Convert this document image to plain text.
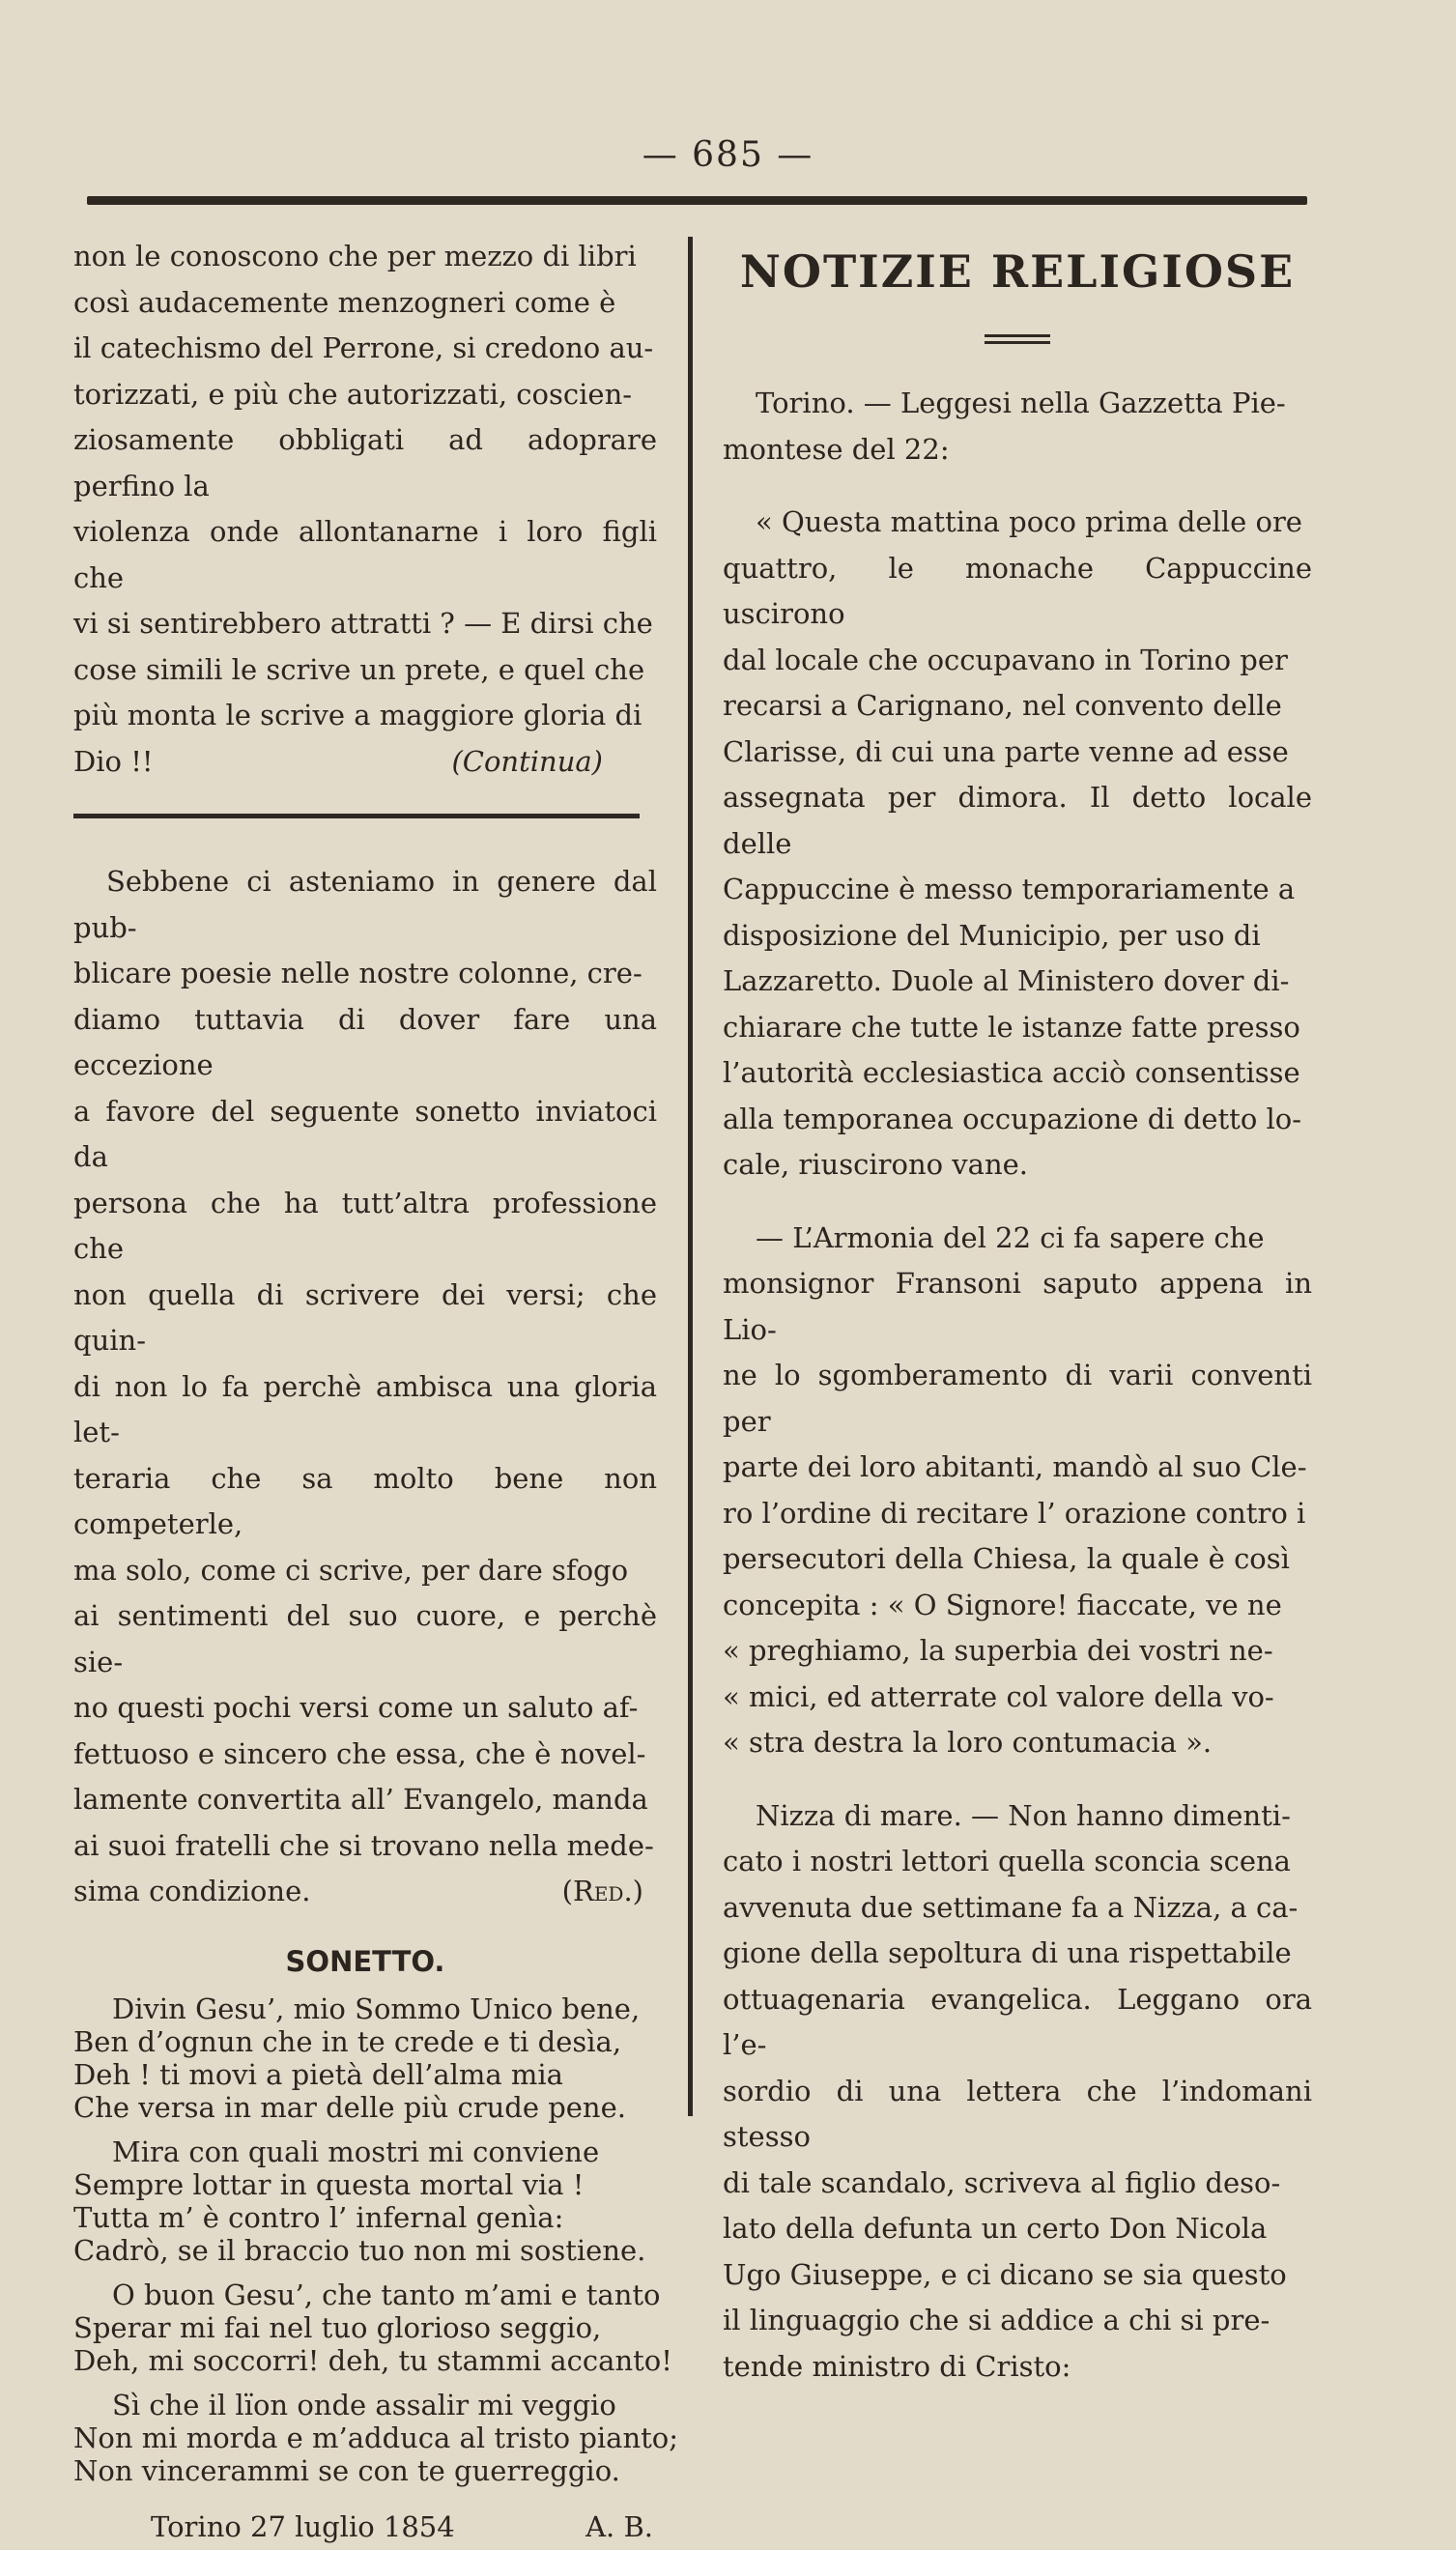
— 685 —

non le conoscono che per mezzo di libri

così audacemente menzogneri come è

il catechismo del Perrone, si credono au-

torizzati, e più che autorizzati, coscien-

ziosamente obbligati ad adoprare perfino la

violenza onde allontanarne i loro figli che

vi si sentirebbero attratti ? — E dirsi che

cose simili le scrive un prete, e quel che

più monta le scrive a maggiore gloria di

Dio !!	(Continua)

Sebbene ci asteniamo in genere dal pub-

blicare poesie nelle nostre colonne, cre-

diamo tuttavia di dover fare una eccezione

a favore del seguente sonetto inviatoci da

persona che ha tutt’altra professione che

non quella di scrivere dei versi; che quin-

di non lo fa perchè ambisca una gloria let-

teraria che sa molto bene non competerle,

ma solo, come ci scrive, per dare sfogo

ai sentimenti del suo cuore, e perchè sie-

no questi pochi versi come un saluto af-

fettuoso e sincero che essa, che è novel-

lamente convertita all’ Evangelo, manda

ai suoi fratelli che si trovano nella mede-

sima condizione.	(Red.)
SONETTO.
Divin Gesu’, mio Sommo Unico bene,
Ben d’ognun che in te crede e ti desìa,
Deh ! ti movi a pietà dell’alma mia
Che versa in mar delle più crude pene.
Mira con quali mostri mi conviene
Sempre lottar in questa mortal via !
Tutta m’ è contro l’ infernal genìa:
Cadrò, se il braccio tuo non mi sostiene.
O buon Gesu’, che tanto m’ami e tanto
Sperar mi fai nel tuo glorioso seggio,
Deh, mi soccorri! deh, tu stammi accanto!
Sì che il lïon onde assalir mi veggio
Non mi morda e m’adduca al tristo pianto;
Non vincerammi se con te guerreggio.
Torino 27 luglio 1854	A. B.
NOTIZIE RELIGIOSE

Torino. — Leggesi nella Gazzetta Pie-

montese del 22:

« Questa mattina poco prima delle ore

quattro, le monache Cappuccine uscirono

dal locale che occupavano in Torino per

recarsi a Carignano, nel convento delle

Clarisse, di cui una parte venne ad esse

assegnata per dimora. Il detto locale delle

Cappuccine è messo temporariamente a

disposizione del Municipio, per uso di

Lazzaretto. Duole al Ministero dover di-

chiarare che tutte le istanze fatte presso

l’autorità ecclesiastica acciò consentisse

alla temporanea occupazione di detto lo-

cale, riuscirono vane.

— L’Armonia del 22 ci fa sapere che

monsignor Fransoni saputo appena in Lio-

ne lo sgomberamento di varii conventi per

parte dei loro abitanti, mandò al suo Cle-

ro l’ordine di recitare l’ orazione contro i

persecutori della Chiesa, la quale è così

concepita : « O Signore! fiaccate, ve ne

« preghiamo, la superbia dei vostri ne-

« mici, ed atterrate col valore della vo-

« stra destra la loro contumacia ».

Nizza di mare. — Non hanno dimenti-

cato i nostri lettori quella sconcia scena

avvenuta due settimane fa a Nizza, a ca-

gione della sepoltura di una rispettabile

ottuagenaria evangelica. Leggano ora l’e-

sordio di una lettera che l’indomani stesso

di tale scandalo, scriveva al figlio deso-

lato della defunta un certo Don Nicola

Ugo Giuseppe, e ci dicano se sia questo

il linguaggio che si addice a chi si pre-

tende ministro di Cristo:
